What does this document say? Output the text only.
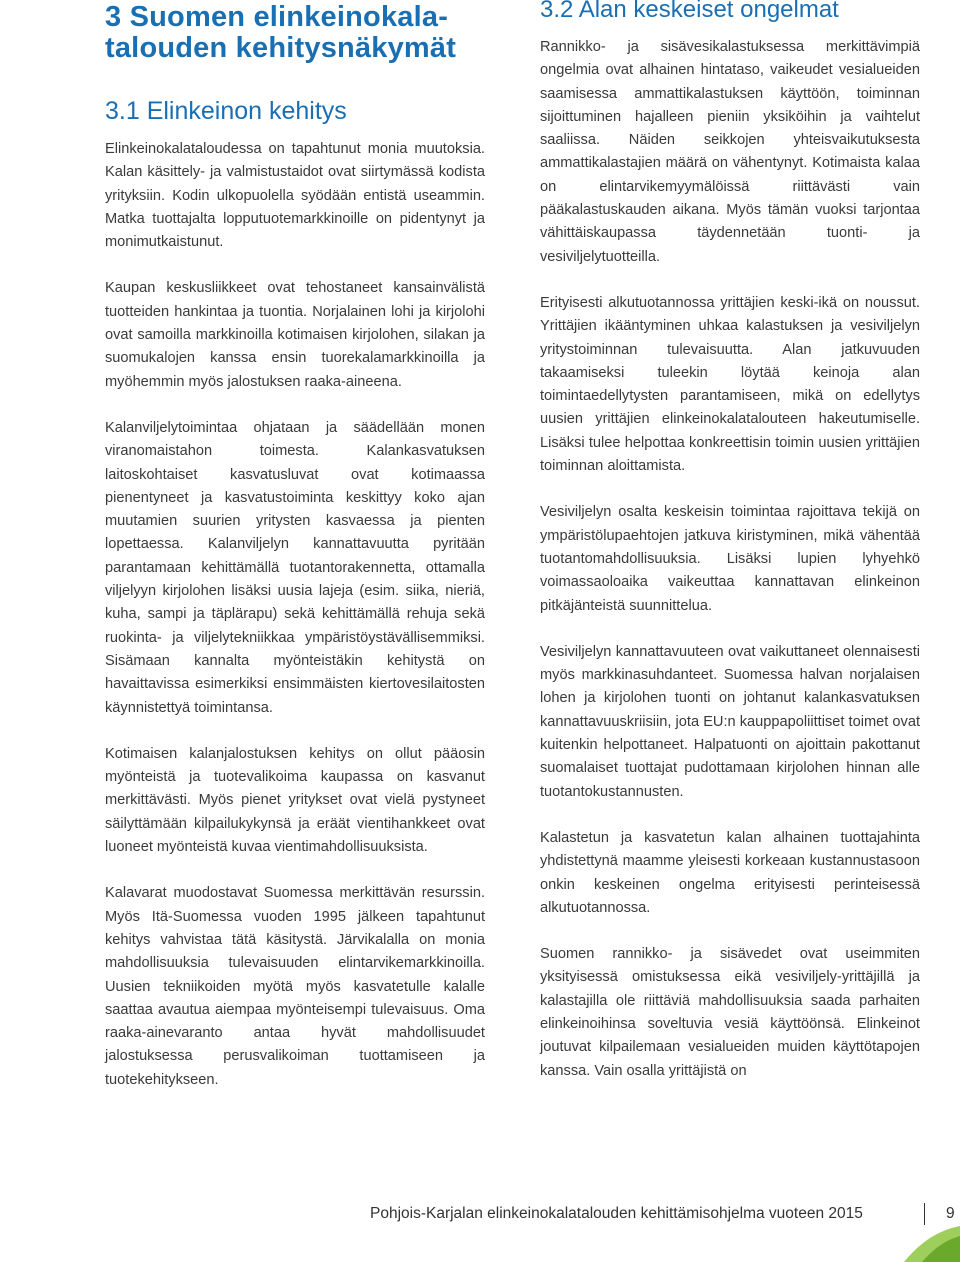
3 Suomen elinkeinokalatalouden kehitysnäkymät
3.1 Elinkeinon kehitys

Elinkeinokalataloudessa on tapahtunut monia muutoksia. Kalan käsittely- ja valmistustaidot ovat siirtymässä kodista yrityksiin. Kodin ulkopuolella syödään entistä useammin. Matka tuottajalta lopputuotemarkkinoille on pidentynyt ja monimutkaistunut.

Kaupan keskusliikkeet ovat tehostaneet kansainvälistä tuotteiden hankintaa ja tuontia. Norjalainen lohi ja kirjolohi ovat samoilla markkinoilla kotimaisen kirjolohen, silakan ja suomukalojen kanssa ensin tuorekalamarkkinoilla ja myöhemmin myös jalostuksen raaka-aineena.

Kalanviljelytoimintaa ohjataan ja säädellään monen viranomaistahon toimesta. Kalankasvatuksen laitoskohtaiset kasvatusluvat ovat kotimaassa pienentyneet ja kasvatustoiminta keskittyy koko ajan muutamien suurien yritysten kasvaessa ja pienten lopettaessa. Kalanviljelyn kannattavuutta pyritään parantamaan kehittämällä tuotantorakennetta, ottamalla viljelyyn kirjolohen lisäksi uusia lajeja (esim. siika, nieriä, kuha, sampi ja täplärapu) sekä kehittämällä rehuja sekä ruokinta- ja viljelytekniikkaa ympäristöystävällisemmiksi. Sisämaan kannalta myönteistäkin kehitystä on havaittavissa esimerkiksi ensimmäisten kiertovesilaitosten käynnistettyä toimintansa.

Kotimaisen kalanjalostuksen kehitys on ollut pääosin myönteistä ja tuotevalikoima kaupassa on kasvanut merkittävästi. Myös pienet yritykset ovat vielä pystyneet säilyttämään kilpailukykynsä ja eräät vientihankkeet ovat luoneet myönteistä kuvaa vientimahdollisuuksista.

Kalavarat muodostavat Suomessa merkittävän resurssin. Myös Itä-Suomessa vuoden 1995 jälkeen tapahtunut kehitys vahvistaa tätä käsitystä. Järvikalalla on monia mahdollisuuksia tulevaisuuden elintarvikemarkkinoilla. Uusien tekniikoiden myötä myös kasvatetulle kalalle saattaa avautua aiempaa myönteisempi tulevaisuus. Oma raaka-ainevaranto antaa hyvät mahdollisuudet jalostuksessa perusvalikoiman tuottamiseen ja tuotekehitykseen.

3.2 Alan keskeiset ongelmat

Rannikko- ja sisävesikalastuksessa merkittävimpiä ongelmia ovat alhainen hintataso, vaikeudet vesialueiden saamisessa ammattikalastuksen käyttöön, toiminnan sijoittuminen hajalleen pieniin yksiköihin ja vaihtelut saaliissa. Näiden seikkojen yhteisvaikutuksesta ammattikalastajien määrä on vähentynyt. Kotimaista kalaa on elintarvikemyymälöissä riittävästi vain pääkalastuskauden aikana. Myös tämän vuoksi tarjontaa vähittäiskaupassa täydennetään tuonti- ja vesiviljelytuotteilla.

Erityisesti alkutuotannossa yrittäjien keski-ikä on noussut. Yrittäjien ikääntyminen uhkaa kalastuksen ja vesiviljelyn yritystoiminnan tulevaisuutta. Alan jatkuvuuden takaamiseksi tuleekin löytää keinoja alan toimintaedellytysten parantamiseen, mikä on edellytys uusien yrittäjien elinkeinokalatalouteen hakeutumiselle. Lisäksi tulee helpottaa konkreettisin toimin uusien yrittäjien toiminnan aloittamista.

Vesiviljelyn osalta keskeisin toimintaa rajoittava tekijä on ympäristölupaehtojen jatkuva kiristyminen, mikä vähentää tuotantomahdollisuuksia. Lisäksi lupien lyhyehkö voimassaoloaika vaikeuttaa kannattavan elinkeinon pitkäjänteistä suunnittelua.

Vesiviljelyn kannattavuuteen ovat vaikuttaneet olennaisesti myös markkinasuhdanteet. Suomessa halvan norjalaisen lohen ja kirjolohen tuonti on johtanut kalankasvatuksen kannattavuuskriisiin, jota EU:n kauppapoliittiset toimet ovat kuitenkin helpottaneet. Halpatuonti on ajoittain pakottanut suomalaiset tuottajat pudottamaan kirjolohen hinnan alle tuotantokustannusten.

Kalastetun ja kasvatetun kalan alhainen tuottajahinta yhdistettynä maamme yleisesti korkeaan kustannustasoon onkin keskeinen ongelma erityisesti perinteisessä alkutuotannossa.

Suomen rannikko- ja sisävedet ovat useimmiten yksityisessä omistuksessa eikä vesiviljely-yrittäjillä ja kalastajilla ole riittäviä mahdollisuuksia saada parhaiten elinkeinoihinsa soveltuvia vesiä käyttöönsä. Elinkeinot joutuvat kilpailemaan vesialueiden muiden käyttötapojen kanssa. Vain osalla yrittäjistä on

Pohjois-Karjalan elinkeinokalatalouden kehittämisohjelma vuoteen 2015	9
